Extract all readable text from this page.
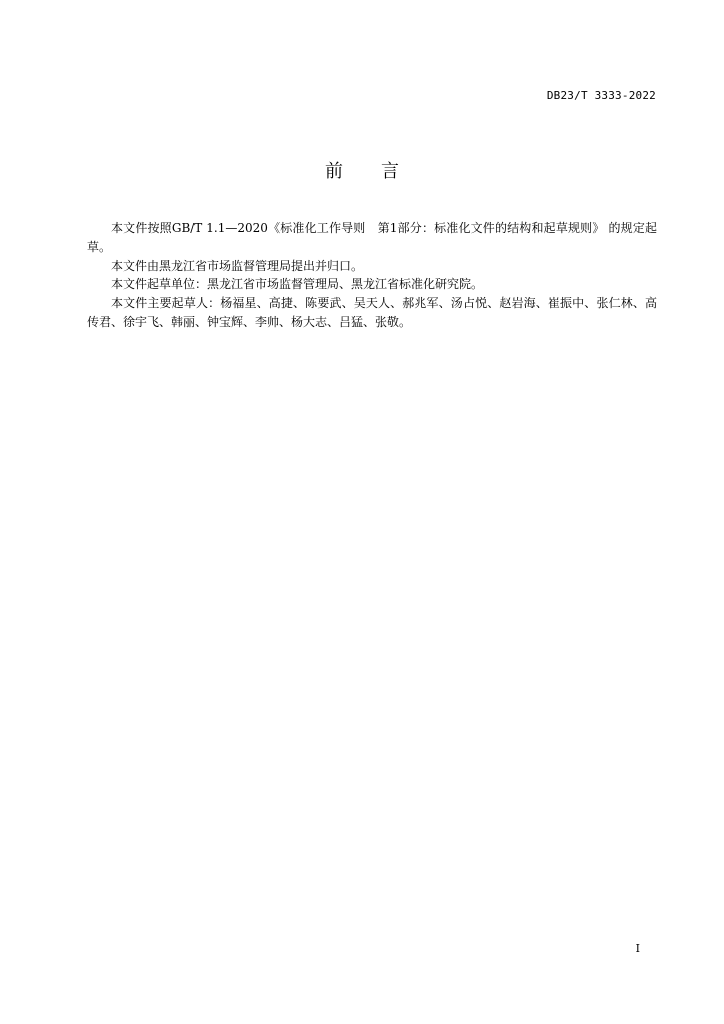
DB23/T 3333-2022
前言

本文件按照GB/T 1.1—2020《标准化工作导则　第1部分：标准化文件的结构和起草规则》 的规定起草。

本文件由黑龙江省市场监督管理局提出并归口。

本文件起草单位：黑龙江省市场监督管理局、黑龙江省标准化研究院。

本文件主要起草人：杨福星、高捷、陈要武、吴天人、郝兆军、汤占悦、赵岩海、崔振中、张仁林、高传君、徐宇飞、韩丽、钟宝辉、李帅、杨大志、吕猛、张敬。

I
